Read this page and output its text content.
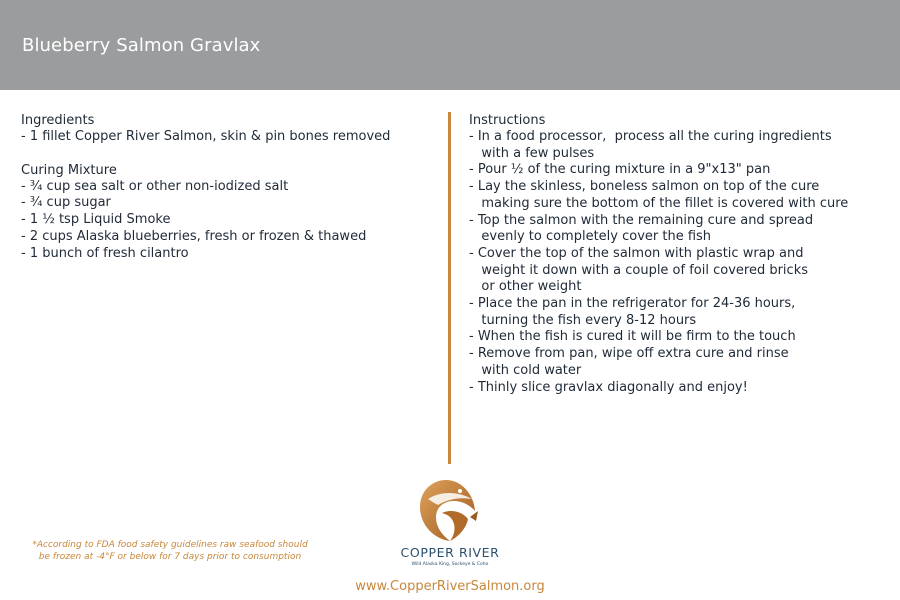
Blueberry Salmon Gravlax
Ingredients
- 1 fillet Copper River Salmon, skin & pin bones removed
Curing Mixture
- ¾ cup sea salt or other non-iodized salt
- ¾ cup sugar
- 1 ½ tsp Liquid Smoke
- 2 cups Alaska blueberries, fresh or frozen & thawed
- 1 bunch of fresh cilantro
Instructions
- In a food processor,  process all the curing ingredients
with a few pulses
- Pour ½ of the curing mixture in a 9"x13" pan
- Lay the skinless, boneless salmon on top of the cure
making sure the bottom of the fillet is covered with cure
- Top the salmon with the remaining cure and spread
evenly to completely cover the fish
- Cover the top of the salmon with plastic wrap and
weight it down with a couple of foil covered bricks
or other weight
- Place the pan in the refrigerator for 24-36 hours,
turning the fish every 8-12 hours
- When the fish is cured it will be firm to the touch
- Remove from pan, wipe off extra cure and rinse
with cold water
- Thinly slice gravlax diagonally and enjoy!
COPPER RIVER
Wild Alaska King, Sockeye & Coho
www.CopperRiverSalmon.org
*According to FDA food safety guidelines raw seafood should
be frozen at -4°F or below for 7 days prior to consumption
